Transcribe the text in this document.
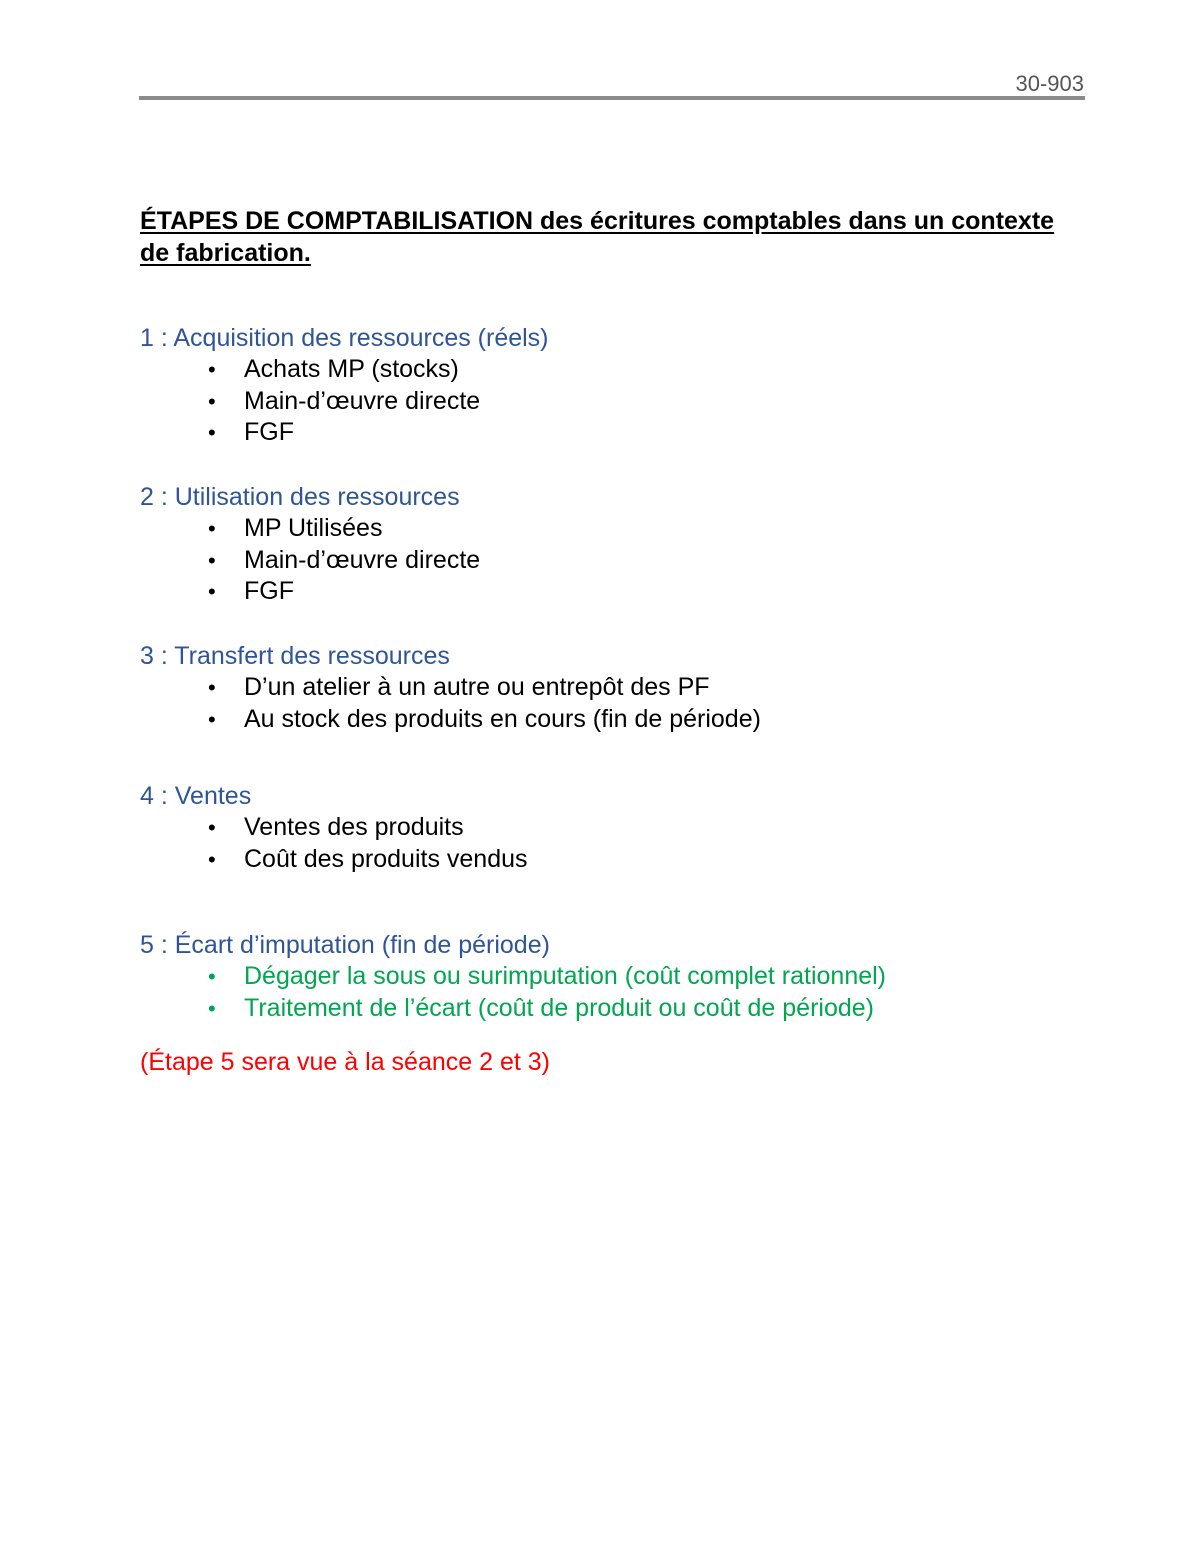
30-903
ÉTAPES DE COMPTABILISATION des écritures comptables dans un contexte de fabrication.
1 : Acquisition des ressources (réels)
•	Achats MP (stocks)
•	Main-d’œuvre directe
•	FGF
2 : Utilisation des ressources
•	MP Utilisées
•	Main-d’œuvre directe
•	FGF
3 : Transfert des ressources
•	D’un atelier à un autre ou entrepôt des PF
•	Au stock des produits en cours (fin de période)
4 : Ventes
•	Ventes des produits
•	Coût des produits vendus
5 : Écart d’imputation (fin de période)
•	Dégager la sous ou surimputation (coût complet rationnel)
•	Traitement de l’écart (coût de produit ou coût de période)
(Étape 5 sera vue à la séance 2 et 3)
